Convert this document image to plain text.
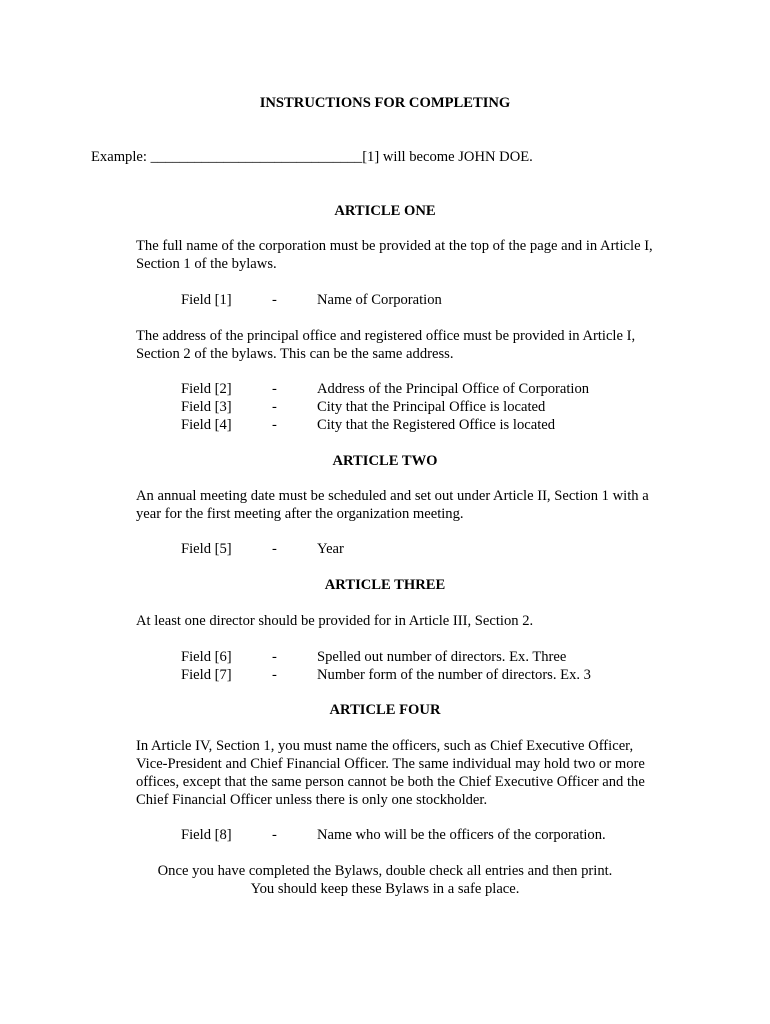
INSTRUCTIONS FOR COMPLETING
Example: _____________________________[1] will become JOHN DOE.
ARTICLE ONE
The full name of the corporation must be provided at the top of the page and in Article I,
Section 1 of the bylaws.
Field [1]	-	Name of Corporation
The address of the principal office and registered office must be provided in Article I,
Section 2 of the bylaws. This can be the same address.
Field [2]	-	Address of the Principal Office of Corporation
Field [3]	-	City that the Principal Office is located
Field [4]	-	City that the Registered Office is located
ARTICLE TWO
An annual meeting date must be scheduled and set out under Article II, Section 1 with a
year for the first meeting after the organization meeting.
Field [5]	-	Year
ARTICLE THREE
At least one director should be provided for in Article III, Section 2.
Field [6]	-	Spelled out number of directors. Ex. Three
Field [7]	-	Number form of the number of directors. Ex. 3
ARTICLE FOUR
In Article IV, Section 1, you must name the officers, such as Chief Executive Officer,
Vice-President and Chief Financial Officer. The same individual may hold two or more
offices, except that the same person cannot be both the Chief Executive Officer and the
Chief Financial Officer unless there is only one stockholder.
Field [8]	-	Name who will be the officers of the corporation.
Once you have completed the Bylaws, double check all entries and then print.
You should keep these Bylaws in a safe place.
